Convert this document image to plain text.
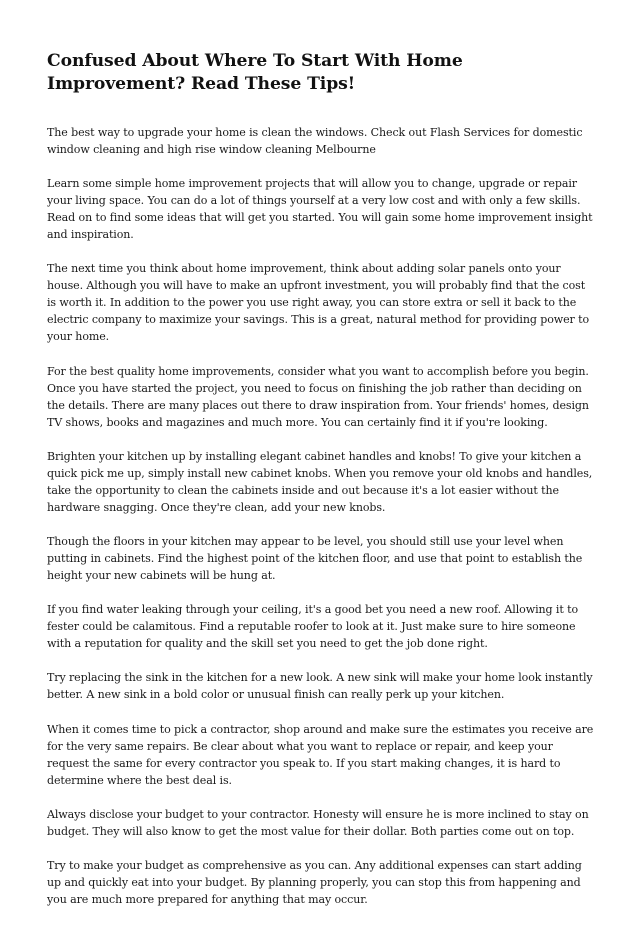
Confused About Where To Start With Home Improvement? Read These Tips!

The best way to upgrade your home is clean the windows. Check out Flash Services for domestic window cleaning and high rise window cleaning Melbourne

Learn some simple home improvement projects that will allow you to change, upgrade or repair your living space. You can do a lot of things yourself at a very low cost and with only a few skills. Read on to find some ideas that will get you started. You will gain some home improvement insight and inspiration.

The next time you think about home improvement, think about adding solar panels onto your house. Although you will have to make an upfront investment, you will probably find that the cost is worth it. In addition to the power you use right away, you can store extra or sell it back to the electric company to maximize your savings. This is a great, natural method for providing power to your home.

For the best quality home improvements, consider what you want to accomplish before you begin. Once you have started the project, you need to focus on finishing the job rather than deciding on the details. There are many places out there to draw inspiration from. Your friends' homes, design TV shows, books and magazines and much more. You can certainly find it if you're looking.

Brighten your kitchen up by installing elegant cabinet handles and knobs! To give your kitchen a quick pick me up, simply install new cabinet knobs. When you remove your old knobs and handles, take the opportunity to clean the cabinets inside and out because it's a lot easier without the hardware snagging. Once they're clean, add your new knobs.

Though the floors in your kitchen may appear to be level, you should still use your level when putting in cabinets. Find the highest point of the kitchen floor, and use that point to establish the height your new cabinets will be hung at.

If you find water leaking through your ceiling, it's a good bet you need a new roof. Allowing it to fester could be calamitous. Find a reputable roofer to look at it. Just make sure to hire someone with a reputation for quality and the skill set you need to get the job done right.

Try replacing the sink in the kitchen for a new look. A new sink will make your home look instantly better. A new sink in a bold color or unusual finish can really perk up your kitchen.

When it comes time to pick a contractor, shop around and make sure the estimates you receive are for the very same repairs. Be clear about what you want to replace or repair, and keep your request the same for every contractor you speak to. If you start making changes, it is hard to determine where the best deal is.

Always disclose your budget to your contractor. Honesty will ensure he is more inclined to stay on budget. They will also know to get the most value for their dollar. Both parties come out on top.

Try to make your budget as comprehensive as you can. Any additional expenses can start adding up and quickly eat into your budget. By planning properly, you can stop this from happening and you are much more prepared for anything that may occur.
